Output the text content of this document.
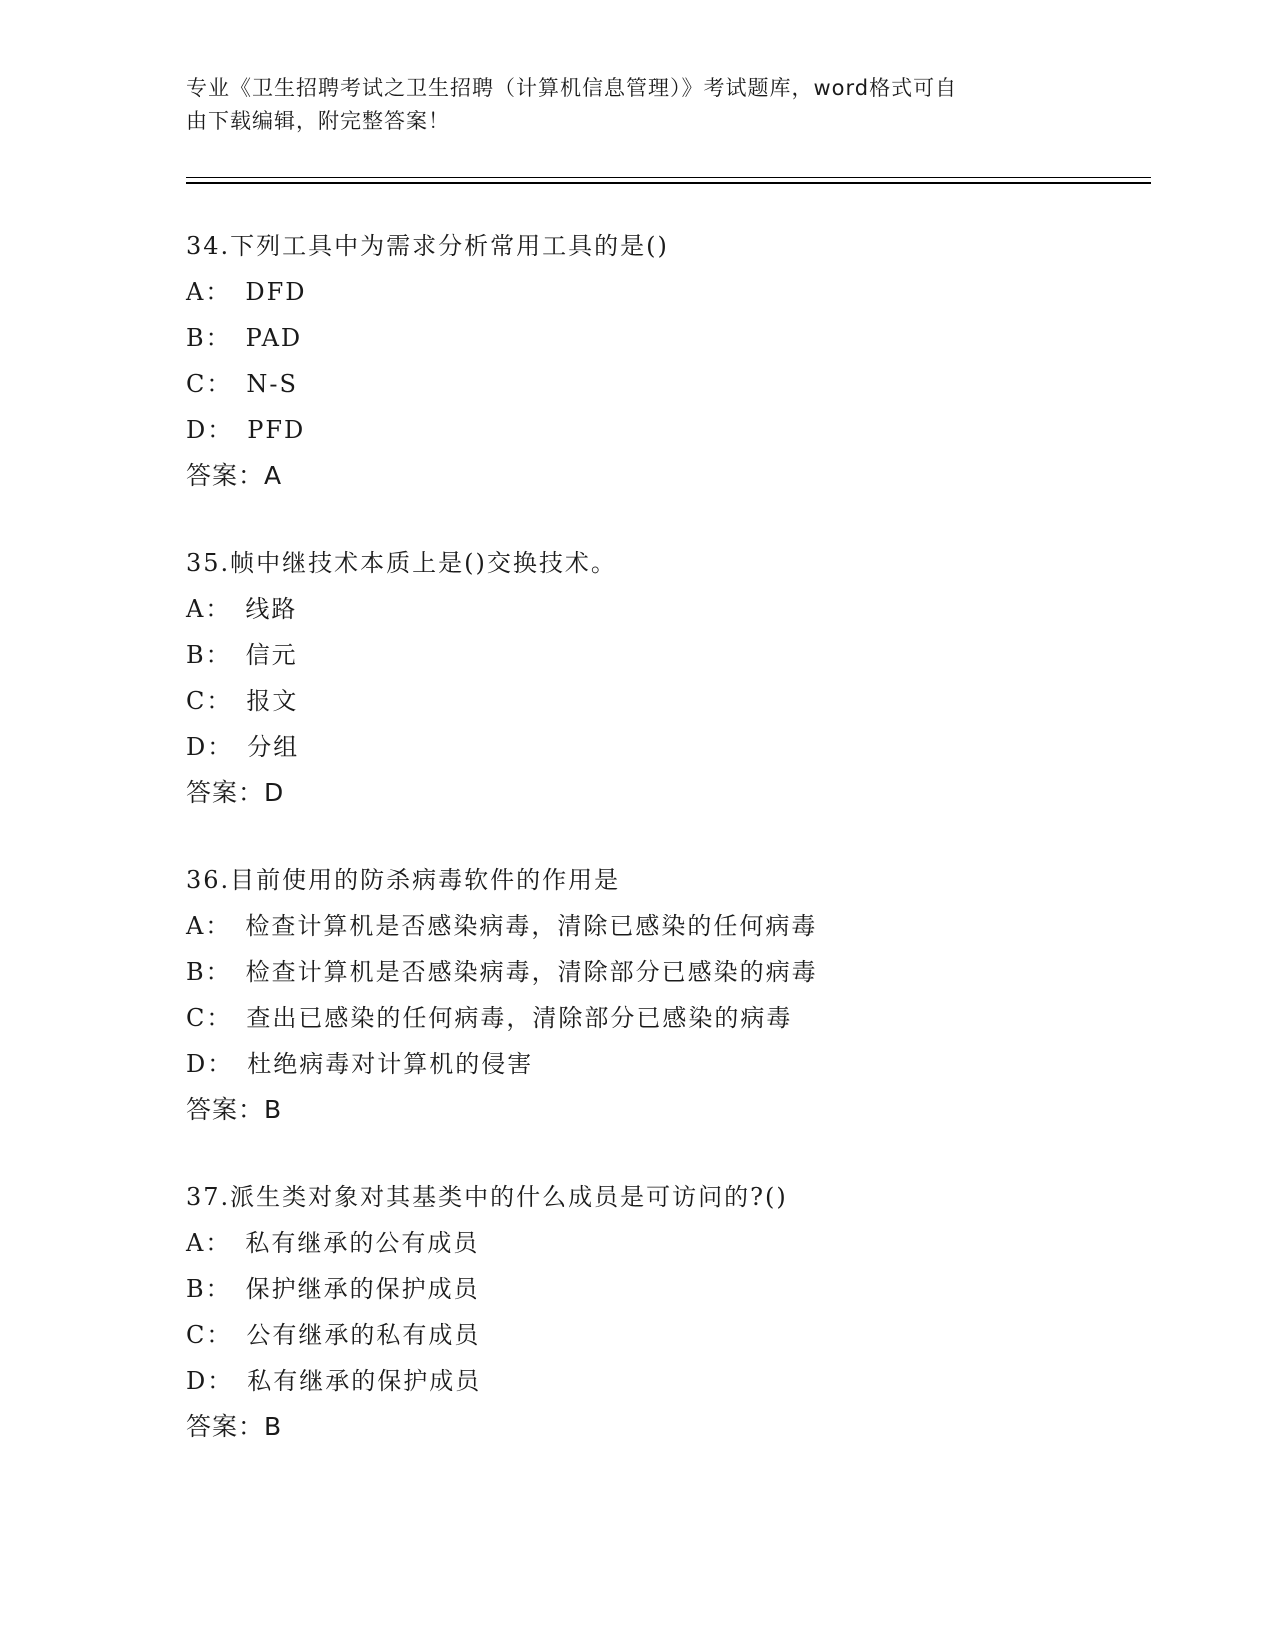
专业《卫生招聘考试之卫生招聘（计算机信息管理）》考试题库，word格式可自
由下载编辑，附完整答案！
34.下列工具中为需求分析常用工具的是()
A： DFD
B： PAD
C： N-S
D： PFD
答案：A
35.帧中继技术本质上是()交换技术。
A： 线路
B： 信元
C： 报文
D： 分组
答案：D
36.目前使用的防杀病毒软件的作用是
A： 检查计算机是否感染病毒，清除已感染的任何病毒
B： 检查计算机是否感染病毒，清除部分已感染的病毒
C： 查出已感染的任何病毒，清除部分已感染的病毒
D： 杜绝病毒对计算机的侵害
答案：B
37.派生类对象对其基类中的什么成员是可访问的?()
A： 私有继承的公有成员
B： 保护继承的保护成员
C： 公有继承的私有成员
D： 私有继承的保护成员
答案：B
